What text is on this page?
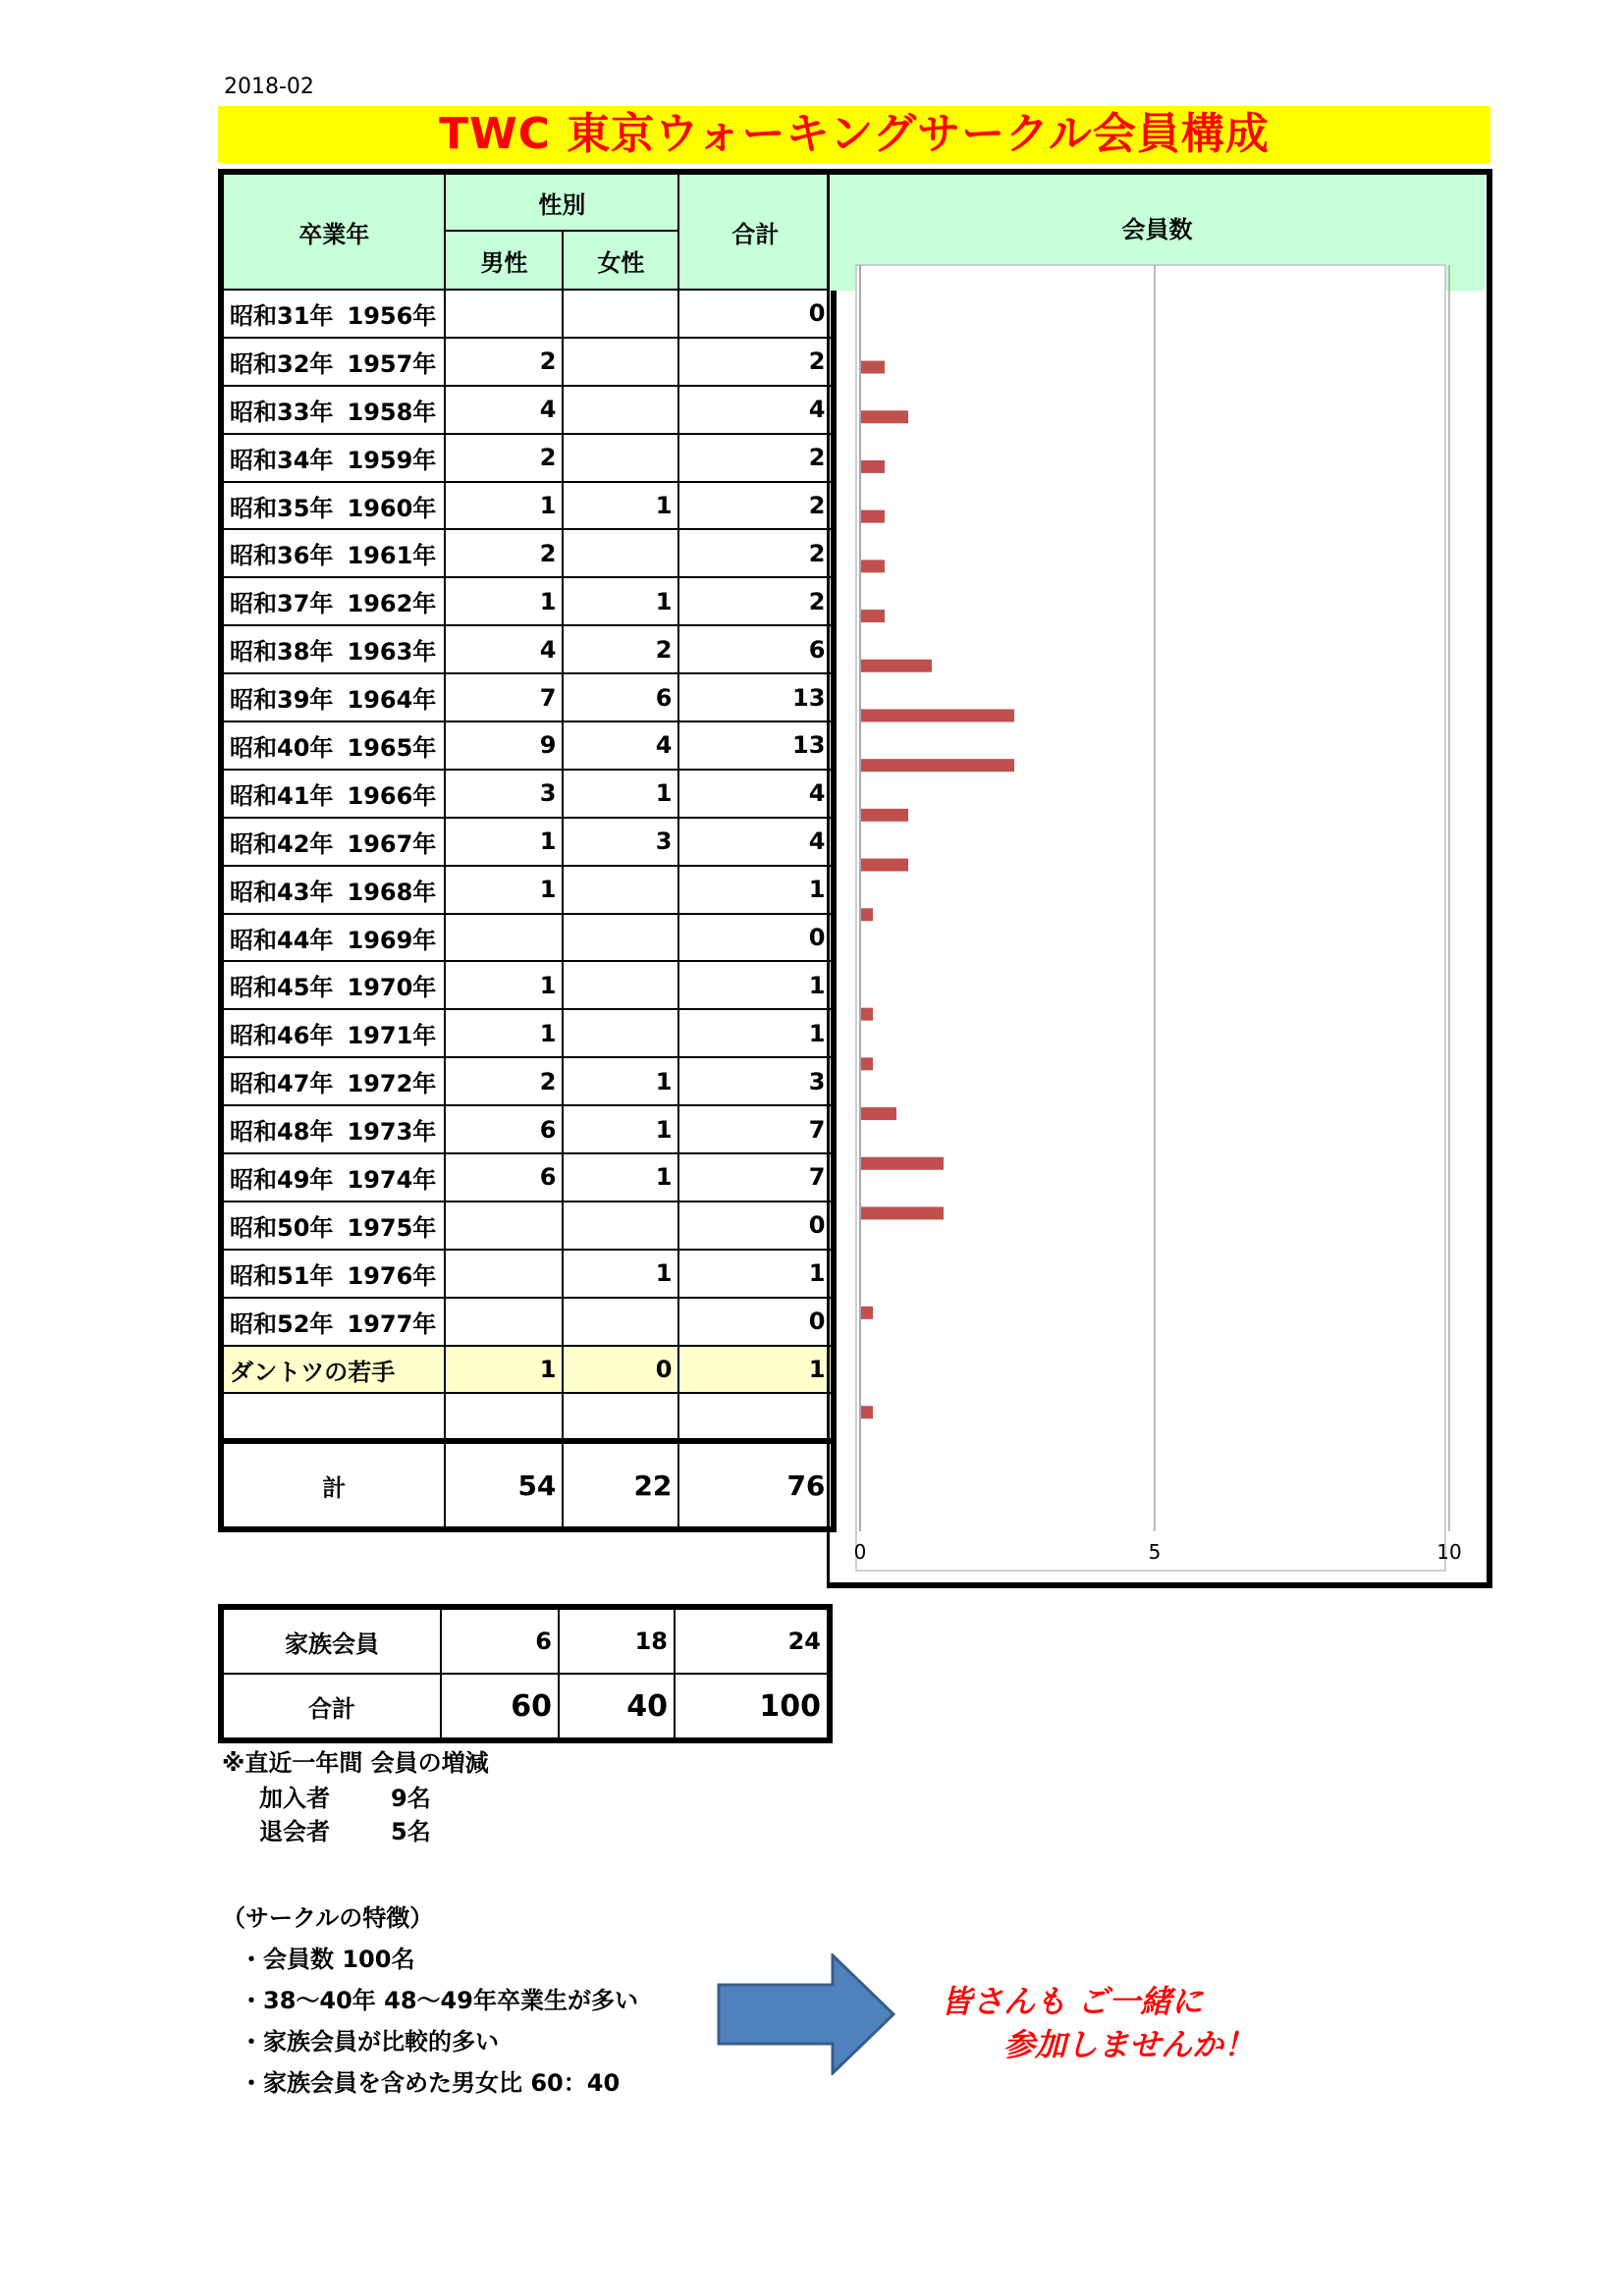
2018-02
TWC 東京ウォーキングサークル会員構成
卒業年		性別		合計
		男性	女性	
昭和31年	1956年			0
昭和32年	1957年	2		2
昭和33年	1958年	4		4
昭和34年	1959年	2		2
昭和35年	1960年	1	1	2
昭和36年	1961年	2		2
昭和37年	1962年	1	1	2
昭和38年	1963年	4	2	6
昭和39年	1964年	7	6	13
昭和40年	1965年	9	4	13
昭和41年	1966年	3	1	4
昭和42年	1967年	1	3	4
昭和43年	1968年	1		1
昭和44年	1969年			0
昭和45年	1970年	1		1
昭和46年	1971年	1		1
昭和47年	1972年	2	1	3
昭和48年	1973年	6	1	7
昭和49年	1974年	6	1	7
昭和50年	1975年			0
昭和51年	1976年		1	1
昭和52年	1977年			0
ダントツの若手		1	0	1

計		54	22	76
家族会員	6	18	24
合計	60	40	100
会員数
0	5	10
※直近一年間 会員の増減
加入者	9名
退会者	5名
（サークルの特徴）
・会員数 100名
・38～40年 48～49年卒業生が多い
・家族会員が比較的多い
・家族会員を含めた男女比 60：40
皆さんも ご一緒に
参加しませんか！
